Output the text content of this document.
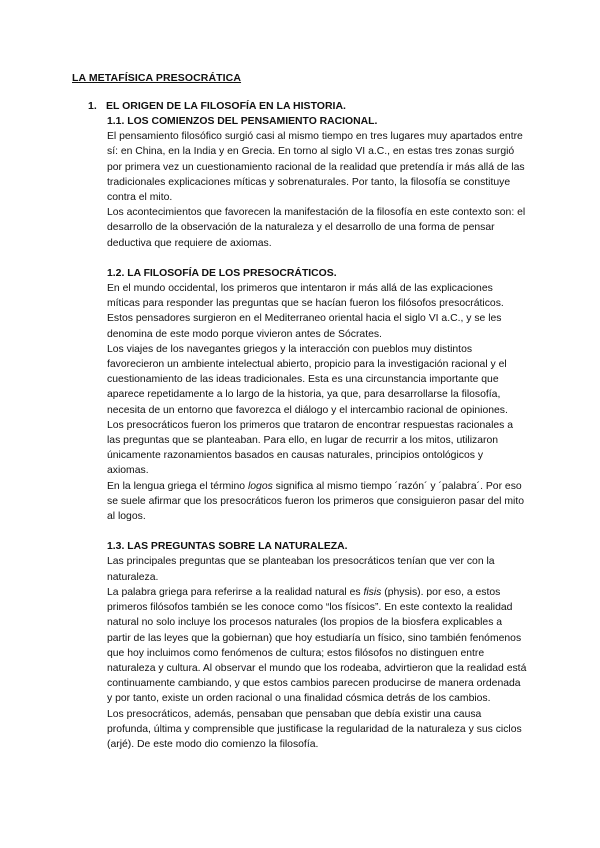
LA METAFÍSICA PRESOCRÁTICA
1. EL ORIGEN DE LA FILOSOFÍA EN LA HISTORIA.

1.1. LOS COMIENZOS DEL PENSAMIENTO RACIONAL.

El pensamiento filosófico surgió casi al mismo tiempo en tres lugares muy apartados entre sí: en China, en la India y en Grecia. En torno al siglo VI a.C., en estas tres zonas surgió por primera vez un cuestionamiento racional de la realidad que pretendía ir más allá de las tradicionales explicaciones míticas y sobrenaturales. Por tanto, la filosofía se constituye contra el mito.

Los acontecimientos que favorecen la manifestación de la filosofía en este contexto son: el desarrollo de la observación de la naturaleza y el desarrollo de una forma de pensar deductiva que requiere de axiomas.

1.2. LA FILOSOFÍA DE LOS PRESOCRÁTICOS.

En el mundo occidental, los primeros que intentaron ir más allá de las explicaciones míticas para responder las preguntas que se hacían fueron los filósofos presocráticos. Estos pensadores surgieron en el Mediterraneo oriental hacia el siglo VI a.C., y se les denomina de este modo porque vivieron antes de Sócrates.

Los viajes de los navegantes griegos y la interacción con pueblos muy distintos favorecieron un ambiente intelectual abierto, propicio para la investigación racional y el cuestionamiento de las ideas tradicionales. Esta es una circunstancia importante que aparece repetidamente a lo largo de la historia, ya que, para desarrollarse la filosofía, necesita de un entorno que favorezca el diálogo y el intercambio racional de opiniones.

Los presocráticos fueron los primeros que trataron de encontrar respuestas racionales a las preguntas que se planteaban. Para ello, en lugar de recurrir a los mitos, utilizaron únicamente razonamientos basados en causas naturales, principios ontológicos y axiomas.

En la lengua griega el término logos significa al mismo tiempo ´razón´ y ´palabra´. Por eso se suele afirmar que los presocráticos fueron los primeros que consiguieron pasar del mito al logos.

1.3. LAS PREGUNTAS SOBRE LA NATURALEZA.

Las principales preguntas que se planteaban los presocráticos tenían que ver con la naturaleza.

La palabra griega para referirse a la realidad natural es fisis (physis). por eso, a estos primeros filósofos también se les conoce como “los físicos”. En este contexto la realidad natural no solo incluye los procesos naturales (los propios de la biosfera explicables a partir de las leyes que la gobiernan) que hoy estudiaría un físico, sino también fenómenos que hoy incluimos como fenómenos de cultura; estos filósofos no distinguen entre naturaleza y cultura. Al observar el mundo que los rodeaba, advirtieron que la realidad está continuamente cambiando, y que estos cambios parecen producirse de manera ordenada y por tanto, existe un orden racional o una finalidad cósmica detrás de los cambios.

Los presocráticos, además, pensaban que pensaban que debía existir una causa profunda, última y comprensible que justificase la regularidad de la naturaleza y sus ciclos (arjé). De este modo dio comienzo la filosofía.
